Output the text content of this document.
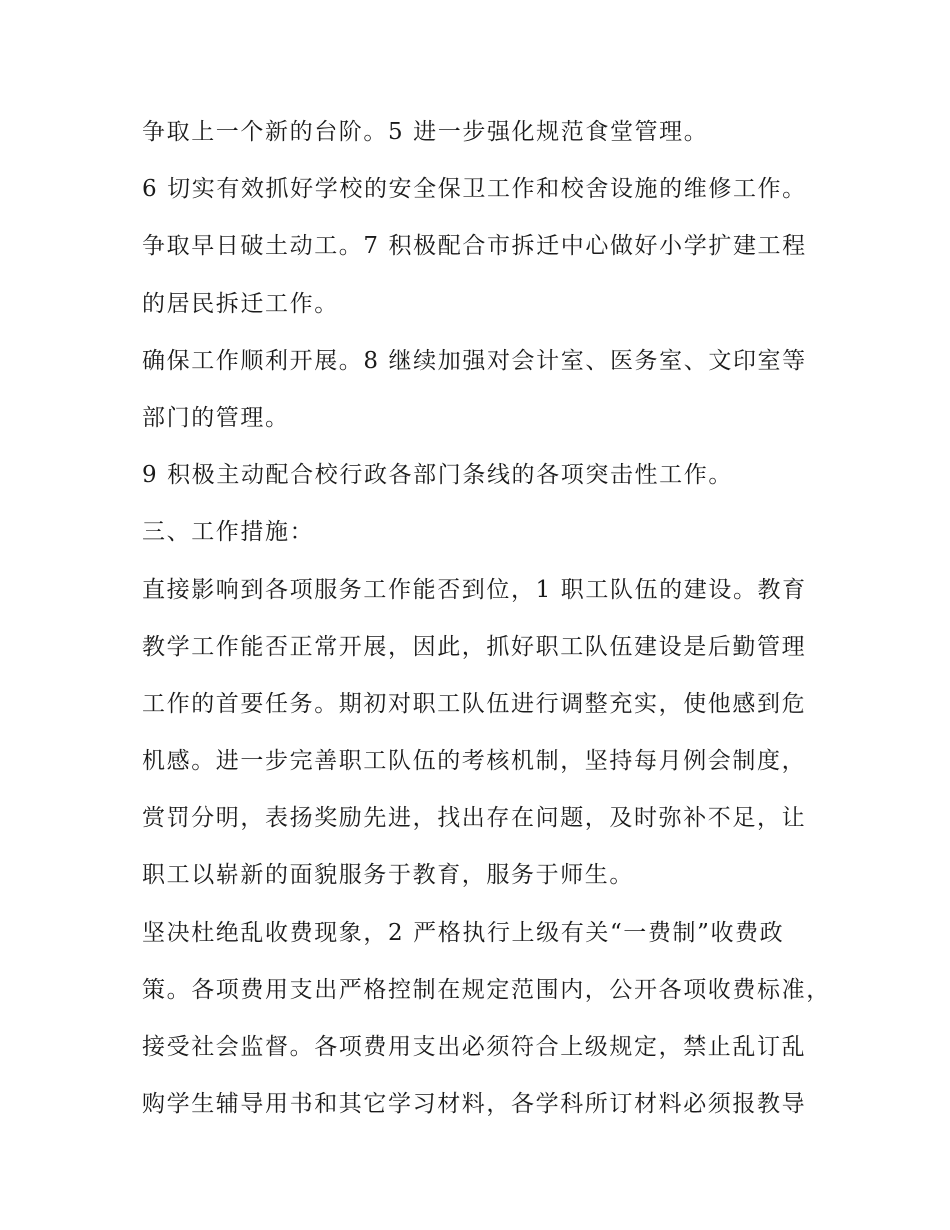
争取上一个新的台阶。5 进一步强化规范食堂管理。
6 切实有效抓好学校的安全保卫工作和校舍设施的维修工作。
争取早日破土动工。7 积极配合市拆迁中心做好小学扩建工程
的居民拆迁工作。
确保工作顺利开展。8 继续加强对会计室、医务室、文印室等
部门的管理。
9 积极主动配合校行政各部门条线的各项突击性工作。
三、工作措施：
直接影响到各项服务工作能否到位，1 职工队伍的建设。教育
教学工作能否正常开展，因此，抓好职工队伍建设是后勤管理
工作的首要任务。期初对职工队伍进行调整充实，使他感到危
机感。进一步完善职工队伍的考核机制，坚持每月例会制度，
赏罚分明，表扬奖励先进，找出存在问题，及时弥补不足，让
职工以崭新的面貌服务于教育，服务于师生。
坚决杜绝乱收费现象，2 严格执行上级有关“一费制”收费政
策。各项费用支出严格控制在规定范围内，公开各项收费标准，
接受社会监督。各项费用支出必须符合上级规定，禁止乱订乱
购学生辅导用书和其它学习材料，各学科所订材料必须报教导
